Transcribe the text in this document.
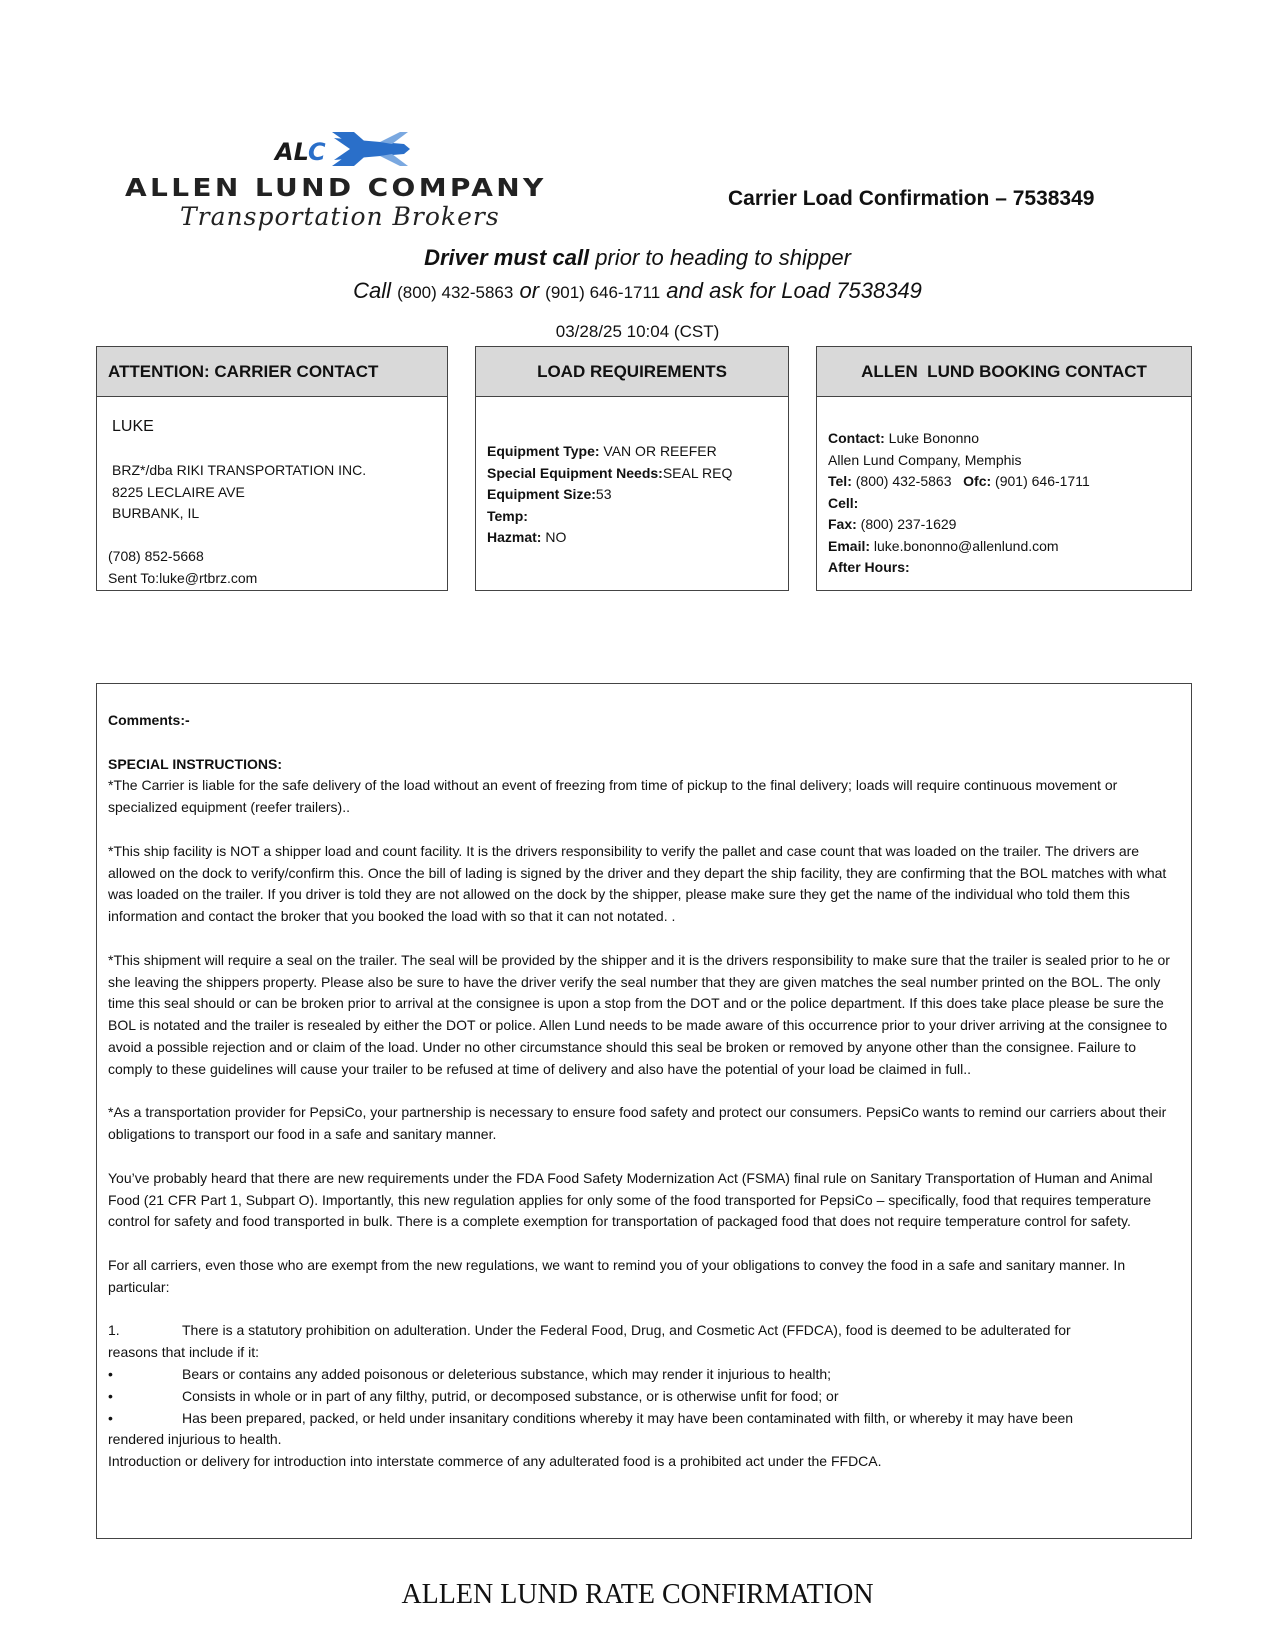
AL C
ALLEN LUND COMPANY
Transportation Brokers
Carrier Load Confirmation – 7538349
Driver must call prior to heading to shipper
Call (800) 432-5863 or (901) 646-1711 and ask for Load 7538349
03/28/25 10:04 (CST)
ATTENTION: CARRIER CONTACT
LUKE
BRZ*/dba RIKI TRANSPORTATION INC.
8225 LECLAIRE AVE
BURBANK, IL
(708) 852-5668
Sent To:luke@rtbrz.com
LOAD REQUIREMENTS
Equipment Type: VAN OR REEFER
Special Equipment Needs:SEAL REQ
Equipment Size:53
Temp:
Hazmat: NO
ALLEN  LUND BOOKING CONTACT
Contact: Luke Bononno
Allen Lund Company, Memphis
Tel: (800) 432-5863   Ofc: (901) 646-1711
Cell:
Fax: (800) 237-1629
Email: luke.bononno@allenlund.com
After Hours:

Comments:-

SPECIAL INSTRUCTIONS:

*The Carrier is liable for the safe delivery of the load without an event of freezing from time of pickup to the final delivery; loads will require continuous movement or specialized equipment (reefer trailers)..

*This ship facility is NOT a shipper load and count facility. It is the drivers responsibility to verify the pallet and case count that was loaded on the trailer. The drivers are allowed on the dock to verify/confirm this. Once the bill of lading is signed by the driver and they depart the ship facility, they are confirming that the BOL matches with what was loaded on the trailer. If you driver is told they are not allowed on the dock by the shipper, please make sure they get the name of the individual who told them this information and contact the broker that you booked the load with so that it can not notated. .

*This shipment will require a seal on the trailer. The seal will be provided by the shipper and it is the drivers responsibility to make sure that the trailer is sealed prior to he or she leaving the shippers property. Please also be sure to have the driver verify the seal number that they are given matches the seal number printed on the BOL. The only time this seal should or can be broken prior to arrival at the consignee is upon a stop from the DOT and or the police department. If this does take place please be sure the BOL is notated and the trailer is resealed by either the DOT or police. Allen Lund needs to be made aware of this occurrence prior to your driver arriving at the consignee to avoid a possible rejection and or claim of the load. Under no other circumstance should this seal be broken or removed by anyone other than the consignee. Failure to comply to these guidelines will cause your trailer to be refused at time of delivery and also have the potential of your load be claimed in full..

*As a transportation provider for PepsiCo, your partnership is necessary to ensure food safety and protect our consumers. PepsiCo wants to remind our carriers about their obligations to transport our food in a safe and sanitary manner.

You’ve probably heard that there are new requirements under the FDA Food Safety Modernization Act (FSMA) final rule on Sanitary Transportation of Human and Animal Food (21 CFR Part 1, Subpart O). Importantly, this new regulation applies for only some of the food transported for PepsiCo – specifically, food that requires temperature control for safety and food transported in bulk. There is a complete exemption for transportation of packaged food that does not require temperature control for safety.

For all carriers, even those who are exempt from the new regulations, we want to remind you of your obligations to convey the food in a safe and sanitary manner. In particular:

1.	There is a statutory prohibition on adulteration. Under the Federal Food, Drug, and Cosmetic Act (FFDCA), food is deemed to be adulterated for
reasons that include if it:
•	Bears or contains any added poisonous or deleterious substance, which may render it injurious to health;
•	Consists in whole or in part of any filthy, putrid, or decomposed substance, or is otherwise unfit for food; or
•	Has been prepared, packed, or held under insanitary conditions whereby it may have been contaminated with filth, or whereby it may have been
rendered injurious to health.
Introduction or delivery for introduction into interstate commerce of any adulterated food is a prohibited act under the FFDCA.
ALLEN LUND RATE CONFIRMATION
